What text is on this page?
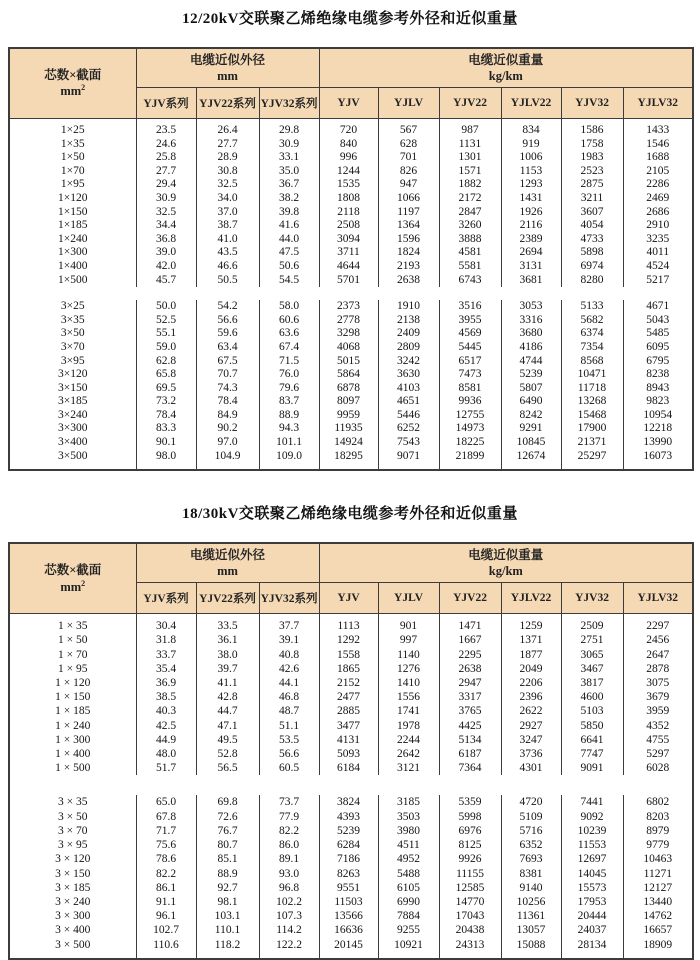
12/20kV交联聚乙烯绝缘电缆参考外径和近似重量
芯数×截面
$mm^2$

电缆近似外径
mm

电缆近似重量
kg/km

	YJV系列	YJV22系列	YJV32系列	YJV	YJLV	YJV22	YJLV22	YJV32	YJLV32
1×25	23.5	26.4	29.8	720	567	987	834	1586	1433
1×35	24.6	27.7	30.9	840	628	1131	919	1758	1546
1×50	25.8	28.9	33.1	996	701	1301	1006	1983	1688
1×70	27.7	30.8	35.0	1244	826	1571	1153	2523	2105
1×95	29.4	32.5	36.7	1535	947	1882	1293	2875	2286
1×120	30.9	34.0	38.2	1808	1066	2172	1431	3211	2469
1×150	32.5	37.0	39.8	2118	1197	2847	1926	3607	2686
1×185	34.4	38.7	41.6	2508	1364	3260	2116	4054	2910
1×240	36.8	41.0	44.0	3094	1596	3888	2389	4733	3235
1×300	39.0	43.5	47.5	3711	1824	4581	2694	5898	4011
1×400	42.0	46.6	50.6	4644	2193	5581	3131	6974	4524
1×500	45.7	50.5	54.5	5701	2638	6743	3681	8280	5217

3×25	50.0	54.2	58.0	2373	1910	3516	3053	5133	4671
3×35	52.5	56.6	60.6	2778	2138	3955	3316	5682	5043
3×50	55.1	59.6	63.6	3298	2409	4569	3680	6374	5485
3×70	59.0	63.4	67.4	4068	2809	5445	4186	7354	6095
3×95	62.8	67.5	71.5	5015	3242	6517	4744	8568	6795
3×120	65.8	70.7	76.0	5864	3630	7473	5239	10471	8238
3×150	69.5	74.3	79.6	6878	4103	8581	5807	11718	8943
3×185	73.2	78.4	83.7	8097	4651	9936	6490	13268	9823
3×240	78.4	84.9	88.9	9959	5446	12755	8242	15468	10954
3×300	83.3	90.2	94.3	11935	6252	14973	9291	17900	12218
3×400	90.1	97.0	101.1	14924	7543	18225	10845	21371	13990
3×500	98.0	104.9	109.0	18295	9071	21899	12674	25297	16073
18/30kV交联聚乙烯绝缘电缆参考外径和近似重量
芯数×截面
$mm^2$

电缆近似外径
mm

电缆近似重量
kg/km

	YJV系列	YJV22系列	YJV32系列	YJV	YJLV	YJV22	YJLV22	YJV32	YJLV32
1 × 35	30.4	33.5	37.7	1113	901	1471	1259	2509	2297
1 × 50	31.8	36.1	39.1	1292	997	1667	1371	2751	2456
1 × 70	33.7	38.0	40.8	1558	1140	2295	1877	3065	2647
1 × 95	35.4	39.7	42.6	1865	1276	2638	2049	3467	2878
1 × 120	36.9	41.1	44.1	2152	1410	2947	2206	3817	3075
1 × 150	38.5	42.8	46.8	2477	1556	3317	2396	4600	3679
1 × 185	40.3	44.7	48.7	2885	1741	3765	2622	5103	3959
1 × 240	42.5	47.1	51.1	3477	1978	4425	2927	5850	4352
1 × 300	44.9	49.5	53.5	4131	2244	5134	3247	6641	4755
1 × 400	48.0	52.8	56.6	5093	2642	6187	3736	7747	5297
1 × 500	51.7	56.5	60.5	6184	3121	7364	4301	9091	6028

3 × 35	65.0	69.8	73.7	3824	3185	5359	4720	7441	6802
3 × 50	67.8	72.6	77.9	4393	3503	5998	5109	9092	8203
3 × 70	71.7	76.7	82.2	5239	3980	6976	5716	10239	8979
3 × 95	75.6	80.7	86.0	6284	4511	8125	6352	11553	9779
3 × 120	78.6	85.1	89.1	7186	4952	9926	7693	12697	10463
3 × 150	82.2	88.9	93.0	8263	5488	11155	8381	14045	11271
3 × 185	86.1	92.7	96.8	9551	6105	12585	9140	15573	12127
3 × 240	91.1	98.1	102.2	11503	6990	14770	10256	17953	13440
3 × 300	96.1	103.1	107.3	13566	7884	17043	11361	20444	14762
3 × 400	102.7	110.1	114.2	16636	9255	20438	13057	24037	16657
3 × 500	110.6	118.2	122.2	20145	10921	24313	15088	28134	18909
